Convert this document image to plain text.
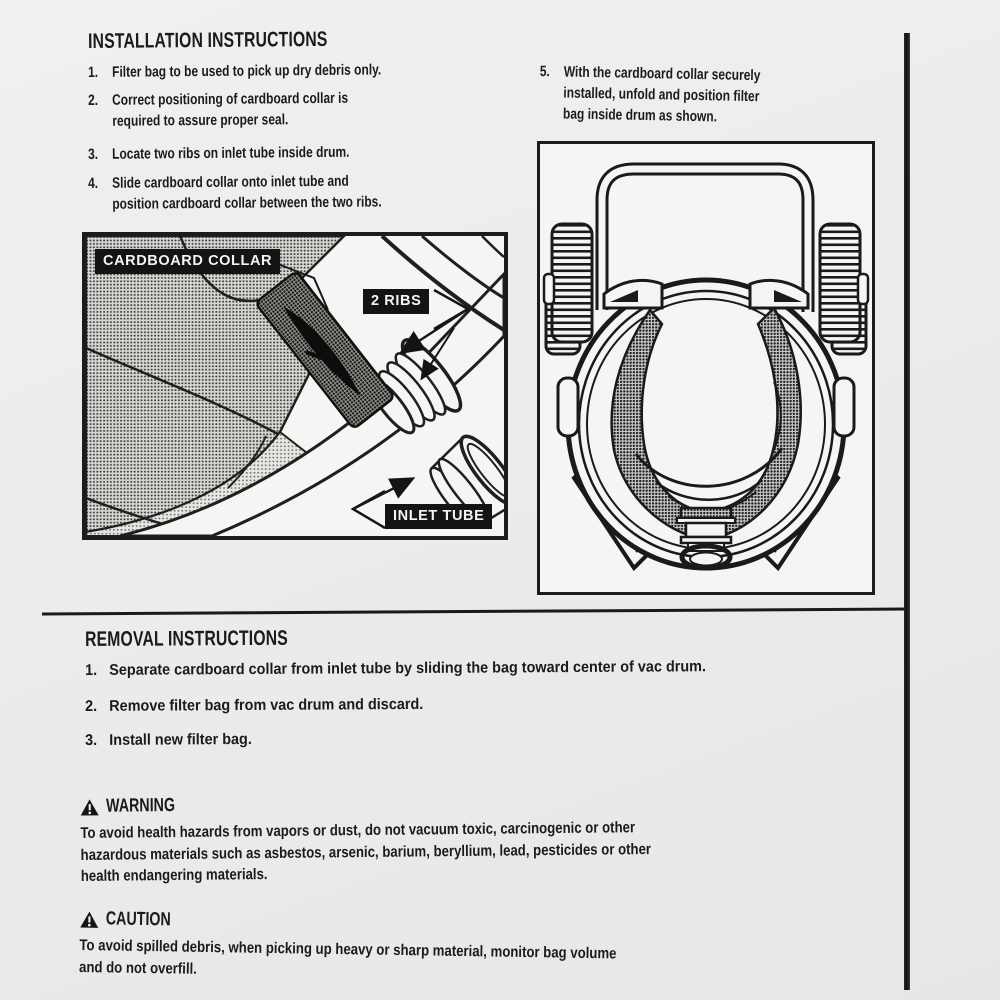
INSTALLATION INSTRUCTIONS
1. Filter bag to be used to pick up dry debris only.
2. Correct positioning of cardboard collar is
required to assure proper seal.
3. Locate two ribs on inlet tube inside drum.
4. Slide cardboard collar onto inlet tube and
position cardboard collar between the two ribs.
5. With the cardboard collar securely
installed, unfold and position filter
bag inside drum as shown.
CARDBOARD COLLAR
2 RIBS
INLET TUBE
REMOVAL INSTRUCTIONS
1. Separate cardboard collar from inlet tube by sliding the bag toward center of vac drum.
2. Remove filter bag from vac drum and discard.
3. Install new filter bag.
WARNING
To avoid health hazards from vapors or dust, do not vacuum toxic, carcinogenic or other
hazardous materials such as asbestos, arsenic, barium, beryllium, lead, pesticides or other
health endangering materials.
CAUTION
To avoid spilled debris, when picking up heavy or sharp material, monitor bag volume
and do not overfill.
